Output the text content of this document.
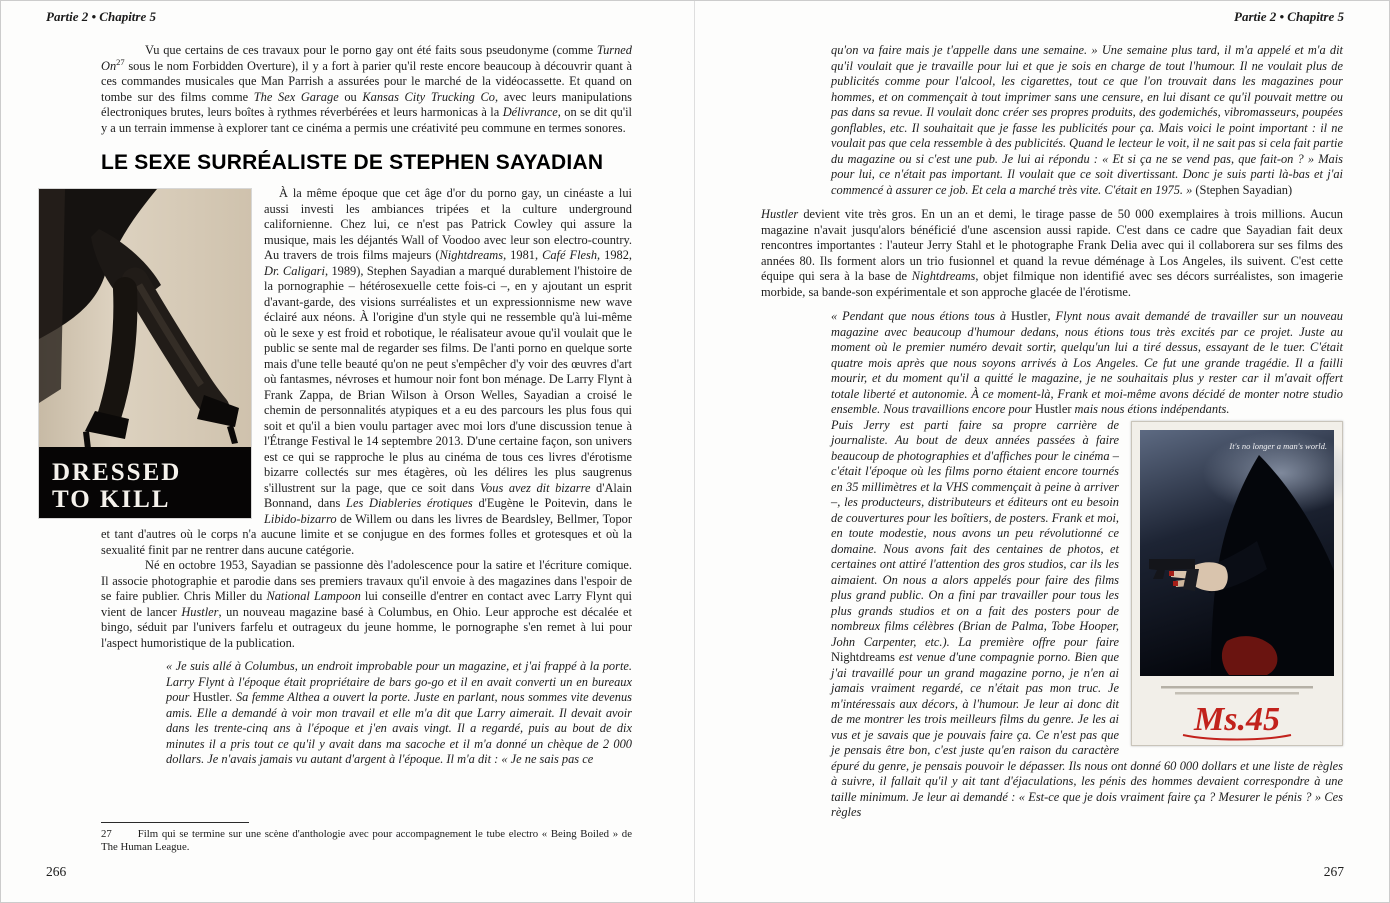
Partie 2 • Chapitre 5

Vu que certains de ces travaux pour le porno gay ont été faits sous pseudonyme (comme Turned On$^{27}$ sous le nom Forbidden Overture), il y a fort à parier qu'il reste encore beaucoup à découvrir quant à ces commandes musicales que Man Parrish a assurées pour le marché de la vidéocassette. Et quand on tombe sur des films comme The Sex Garage ou Kansas City Trucking Co, avec leurs manipulations électroniques brutes, leurs boîtes à rythmes réverbérées et leurs harmonicas à la Délivrance, on se dit qu'il y a un terrain immense à explorer tant ce cinéma a permis une créativité peu commune en termes sonores.

LE SEXE SURRÉALISTE DE STEPHEN SAYADIAN
DRESSED
TO KILL

À la même époque que cet âge d'or du porno gay, un cinéaste a lui aussi investi les ambiances tripées et la culture underground californienne. Chez lui, ce n'est pas Patrick Cowley qui assure la musique, mais les déjantés Wall of Voodoo avec leur son electro-country. Au travers de trois films majeurs (Nightdreams, 1981, Café Flesh, 1982, Dr. Caligari, 1989), Stephen Sayadian a marqué durablement l'histoire de la pornographie – hétérosexuelle cette fois-ci –, en y ajoutant un esprit d'avant-garde, des visions surréalistes et un expressionnisme new wave éclairé aux néons. À l'origine d'un style qui ne ressemble qu'à lui-même où le sexe y est froid et robotique, le réalisateur avoue qu'il voulait que le public se sente mal de regarder ses films. De l'anti porno en quelque sorte mais d'une telle beauté qu'on ne peut s'empêcher d'y voir des œuvres d'art où fantasmes, névroses et humour noir font bon ménage. De Larry Flynt à Frank Zappa, de Brian Wilson à Orson Welles, Sayadian a croisé le chemin de personnalités atypiques et a eu des parcours les plus fous qui soit et qu'il a bien voulu partager avec moi lors d'une discussion tenue à l'Étrange Festival le 14 septembre 2013. D'une certaine façon, son univers est ce qui se rapproche le plus au cinéma de tous ces livres d'érotisme bizarre collectés sur mes étagères, où les délires les plus saugrenus s'illustrent sur la page, que ce soit dans Vous avez dit bizarre d'Alain Bonnand, dans Les Diableries érotiques d'Eugène le Poitevin, dans le Libido-bizarro de Willem ou dans les livres de Beardsley, Bellmer, Topor et tant d'autres où le corps n'a aucune limite et se conjugue en des formes folles et grotesques et où la sexualité finit par ne rentrer dans aucune catégorie.

Né en octobre 1953, Sayadian se passionne dès l'adolescence pour la satire et l'écriture comique. Il associe photographie et parodie dans ses premiers travaux qu'il envoie à des magazines dans l'espoir de se faire publier. Chris Miller du National Lampoon lui conseille d'entrer en contact avec Larry Flynt qui vient de lancer Hustler, un nouveau magazine basé à Columbus, en Ohio. Leur approche est décalée et bingo, séduit par l'univers farfelu et outrageux du jeune homme, le pornographe s'en remet à lui pour l'aspect humoristique de la publication.

« Je suis allé à Columbus, un endroit improbable pour un magazine, et j'ai frappé à la porte. Larry Flynt à l'époque était propriétaire de bars go-go et il en avait converti un en bureaux pour Hustler. Sa femme Althea a ouvert la porte. Juste en parlant, nous sommes vite devenus amis. Elle a demandé à voir mon travail et elle m'a dit que Larry aimerait. Il devait avoir dans les trente-cinq ans à l'époque et j'en avais vingt. Il a regardé, puis au bout de dix minutes il a pris tout ce qu'il y avait dans ma sacoche et il m'a donné un chèque de 2 000 dollars. Je n'avais jamais vu autant d'argent à l'époque. Il m'a dit : « Je ne sais pas ce

27 Film qui se termine sur une scène d'anthologie avec pour accompagnement le tube electro « Being Boiled » de The Human League.

266
Partie 2 • Chapitre 5

qu'on va faire mais je t'appelle dans une semaine. » Une semaine plus tard, il m'a appelé et m'a dit qu'il voulait que je travaille pour lui et que je sois en charge de tout l'humour. Il ne voulait plus de publicités comme pour l'alcool, les cigarettes, tout ce que l'on trouvait dans les magazines pour hommes, et on commençait à tout imprimer sans une censure, en lui disant ce qu'il pouvait mettre ou pas dans sa revue. Il voulait donc créer ses propres produits, des godemichés, vibromasseurs, poupées gonflables, etc. Il souhaitait que je fasse les publicités pour ça. Mais voici le point important : il ne voulait pas que cela ressemble à des publicités. Quand le lecteur le voit, il ne sait pas si cela fait partie du magazine ou si c'est une pub. Je lui ai répondu : « Et si ça ne se vend pas, que fait-on ? » Mais pour lui, ce n'était pas important. Il voulait que ce soit divertissant. Donc je suis parti là-bas et j'ai commencé à assurer ce job. Et cela a marché très vite. C'était en 1975. » (Stephen Sayadian)

Hustler devient vite très gros. En un an et demi, le tirage passe de 50 000 exemplaires à trois millions. Aucun magazine n'avait jusqu'alors bénéficié d'une ascension aussi rapide. C'est dans ce cadre que Sayadian fait deux rencontres importantes : l'auteur Jerry Stahl et le photographe Frank Delia avec qui il collaborera sur ses films des années 80. Ils forment alors un trio fusionnel et quand la revue déménage à Los Angeles, ils suivent. C'est cette équipe qui sera à la base de Nightdreams, objet filmique non identifié avec ses décors surréalistes, son imagerie morbide, sa bande-son expérimentale et son approche glacée de l'érotisme.

« Pendant que nous étions tous à Hustler, Flynt nous avait demandé de travailler sur un nouveau magazine avec beaucoup d'humour dedans, nous étions tous très excités par ce projet. Juste au moment où le premier numéro devait sortir, quelqu'un lui a tiré dessus, essayant de le tuer. C'était quatre mois après que nous soyons arrivés à Los Angeles. Ce fut une grande tragédie. Il a failli mourir, et du moment qu'il a quitté le magazine, je ne souhaitais plus y rester car il m'avait offert totale liberté et autonomie. À ce moment-là, Frank et moi-même avons décidé de monter notre studio ensemble. Nous travaillions encore pour Hustler mais nous étions indépendants.

It's no longer a man's world.
Ms.45

Puis Jerry est parti faire sa propre carrière de journaliste. Au bout de deux années passées à faire beaucoup de photographies et d'affiches pour le cinéma – c'était l'époque où les films porno étaient encore tournés en 35 millimètres et la VHS commençait à peine à arriver –, les producteurs, distributeurs et éditeurs ont eu besoin de couvertures pour les boîtiers, de posters. Frank et moi, en toute modestie, nous avons un peu révolutionné ce domaine. Nous avons fait des centaines de photos, et certaines ont attiré l'attention des gros studios, car ils les aimaient. On nous a alors appelés pour faire des films plus grand public. On a fini par travailler pour tous les plus grands studios et on a fait des posters pour de nombreux films célèbres (Brian de Palma, Tobe Hooper, John Carpenter, etc.). La première offre pour faire Nightdreams est venue d'une compagnie porno. Bien que j'ai travaillé pour un grand magazine porno, je n'en ai jamais vraiment regardé, ce n'était pas mon truc. Je m'intéressais aux décors, à l'humour. Je leur ai donc dit de me montrer les trois meilleurs films du genre. Je les ai vus et je savais que je pouvais faire ça. Ce n'est pas que je pensais être bon, c'est juste qu'en raison du caractère épuré du genre, je pensais pouvoir le dépasser. Ils nous ont donné 60 000 dollars et une liste de règles à suivre, il fallait qu'il y ait tant d'éjaculations, les pénis des hommes devaient correspondre à une taille minimum. Je leur ai demandé : « Est-ce que je dois vraiment faire ça ? Mesurer le pénis ? » Ces règles

267
